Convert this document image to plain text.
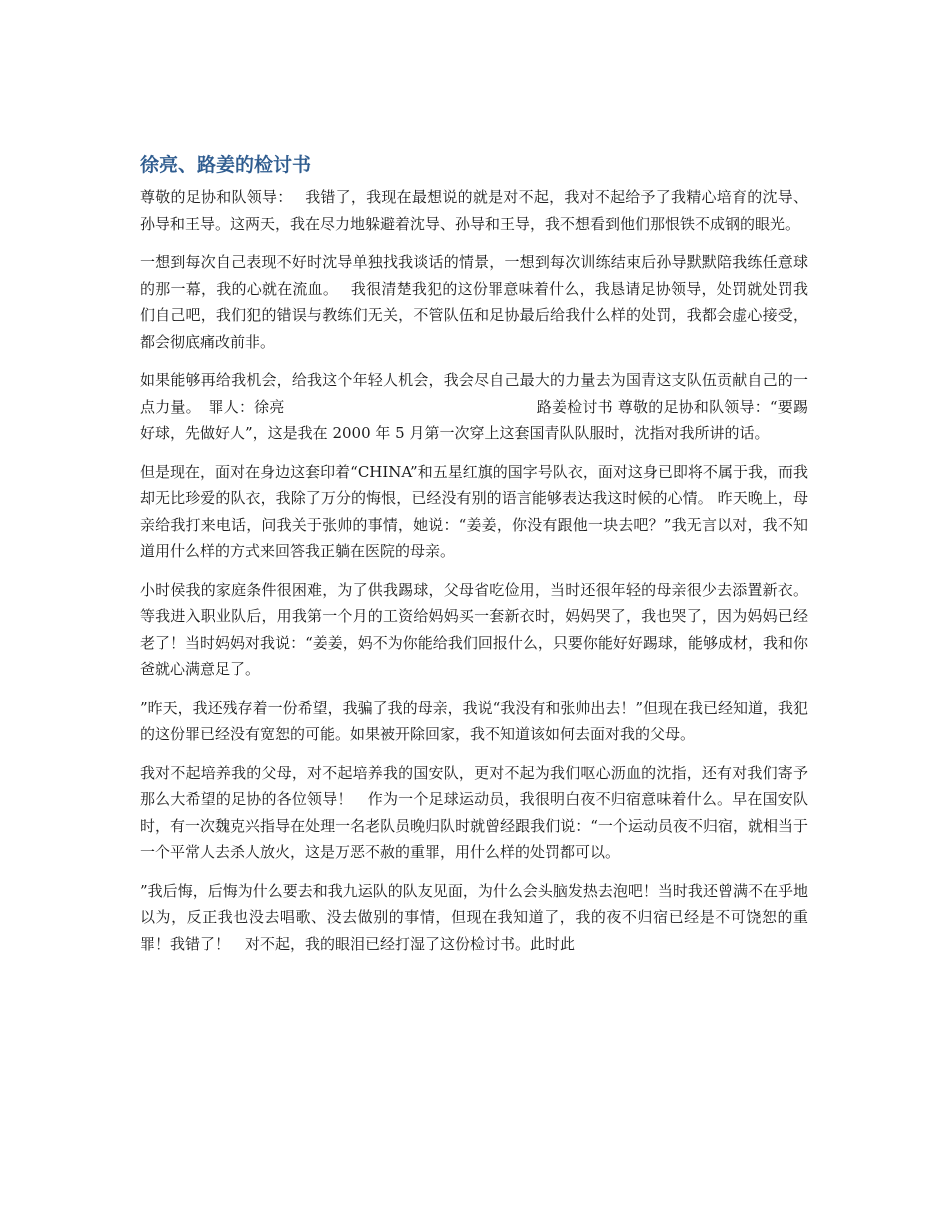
徐亮、路姜的检讨书

尊敬的足协和队领导：　 我错了，我现在最想说的就是对不起，我对不起给予了我精心培育的沈导、孙导和王导。这两天，我在尽力地躲避着沈导、孙导和王导，我不想看到他们那恨铁不成钢的眼光。

一想到每次自己表现不好时沈导单独找我谈话的情景，一想到每次训练结束后孙导默默陪我练任意球的那一幕，我的心就在流血。　 我很清楚我犯的这份罪意味着什么，我恳请足协领导，处罚就处罚我们自己吧，我们犯的错误与教练们无关，不管队伍和足协最后给我什么样的处罚，我都会虚心接受，都会彻底痛改前非。

如果能够再给我机会，给我这个年轻人机会，我会尽自己最大的力量去为国青这支队伍贡献自己的一点力量。　罪人：徐亮	路姜检讨书 尊敬的足协和队领导：“要踢好球，先做好人”，这是我在 2000 年 5 月第一次穿上这套国青队队服时，沈指对我所讲的话。

但是现在，面对在身边这套印着“CHINA”和五星红旗的国字号队衣，面对这身已即将不属于我，而我却无比珍爱的队衣，我除了万分的悔恨，已经没有别的语言能够表达我这时候的心情。 昨天晚上，母亲给我打来电话，问我关于张帅的事情，她说：“姜姜，你没有跟他一块去吧？”我无言以对，我不知道用什么样的方式来回答我正躺在医院的母亲。

小时侯我的家庭条件很困难，为了供我踢球，父母省吃俭用，当时还很年轻的母亲很少去添置新衣。等我进入职业队后，用我第一个月的工资给妈妈买一套新衣时，妈妈哭了，我也哭了，因为妈妈已经老了！当时妈妈对我说：“姜姜，妈不为你能给我们回报什么，只要你能好好踢球，能够成材，我和你爸就心满意足了。

”昨天，我还残存着一份希望，我骗了我的母亲，我说“我没有和张帅出去！”但现在我已经知道，我犯的这份罪已经没有宽恕的可能。如果被开除回家，我不知道该如何去面对我的父母。

我对不起培养我的父母，对不起培养我的国安队，更对不起为我们呕心沥血的沈指，还有对我们寄予那么大希望的足协的各位领导！　作为一个足球运动员，我很明白夜不归宿意味着什么。早在国安队时，有一次魏克兴指导在处理一名老队员晚归队时就曾经跟我们说：“一个运动员夜不归宿，就相当于一个平常人去杀人放火，这是万恶不赦的重罪，用什么样的处罚都可以。

”我后悔，后悔为什么要去和我九运队的队友见面，为什么会头脑发热去泡吧！当时我还曾满不在乎地以为，反正我也没去唱歌、没去做别的事情，但现在我知道了，我的夜不归宿已经是不可饶恕的重罪！我错了！　对不起，我的眼泪已经打湿了这份检讨书。此时此
